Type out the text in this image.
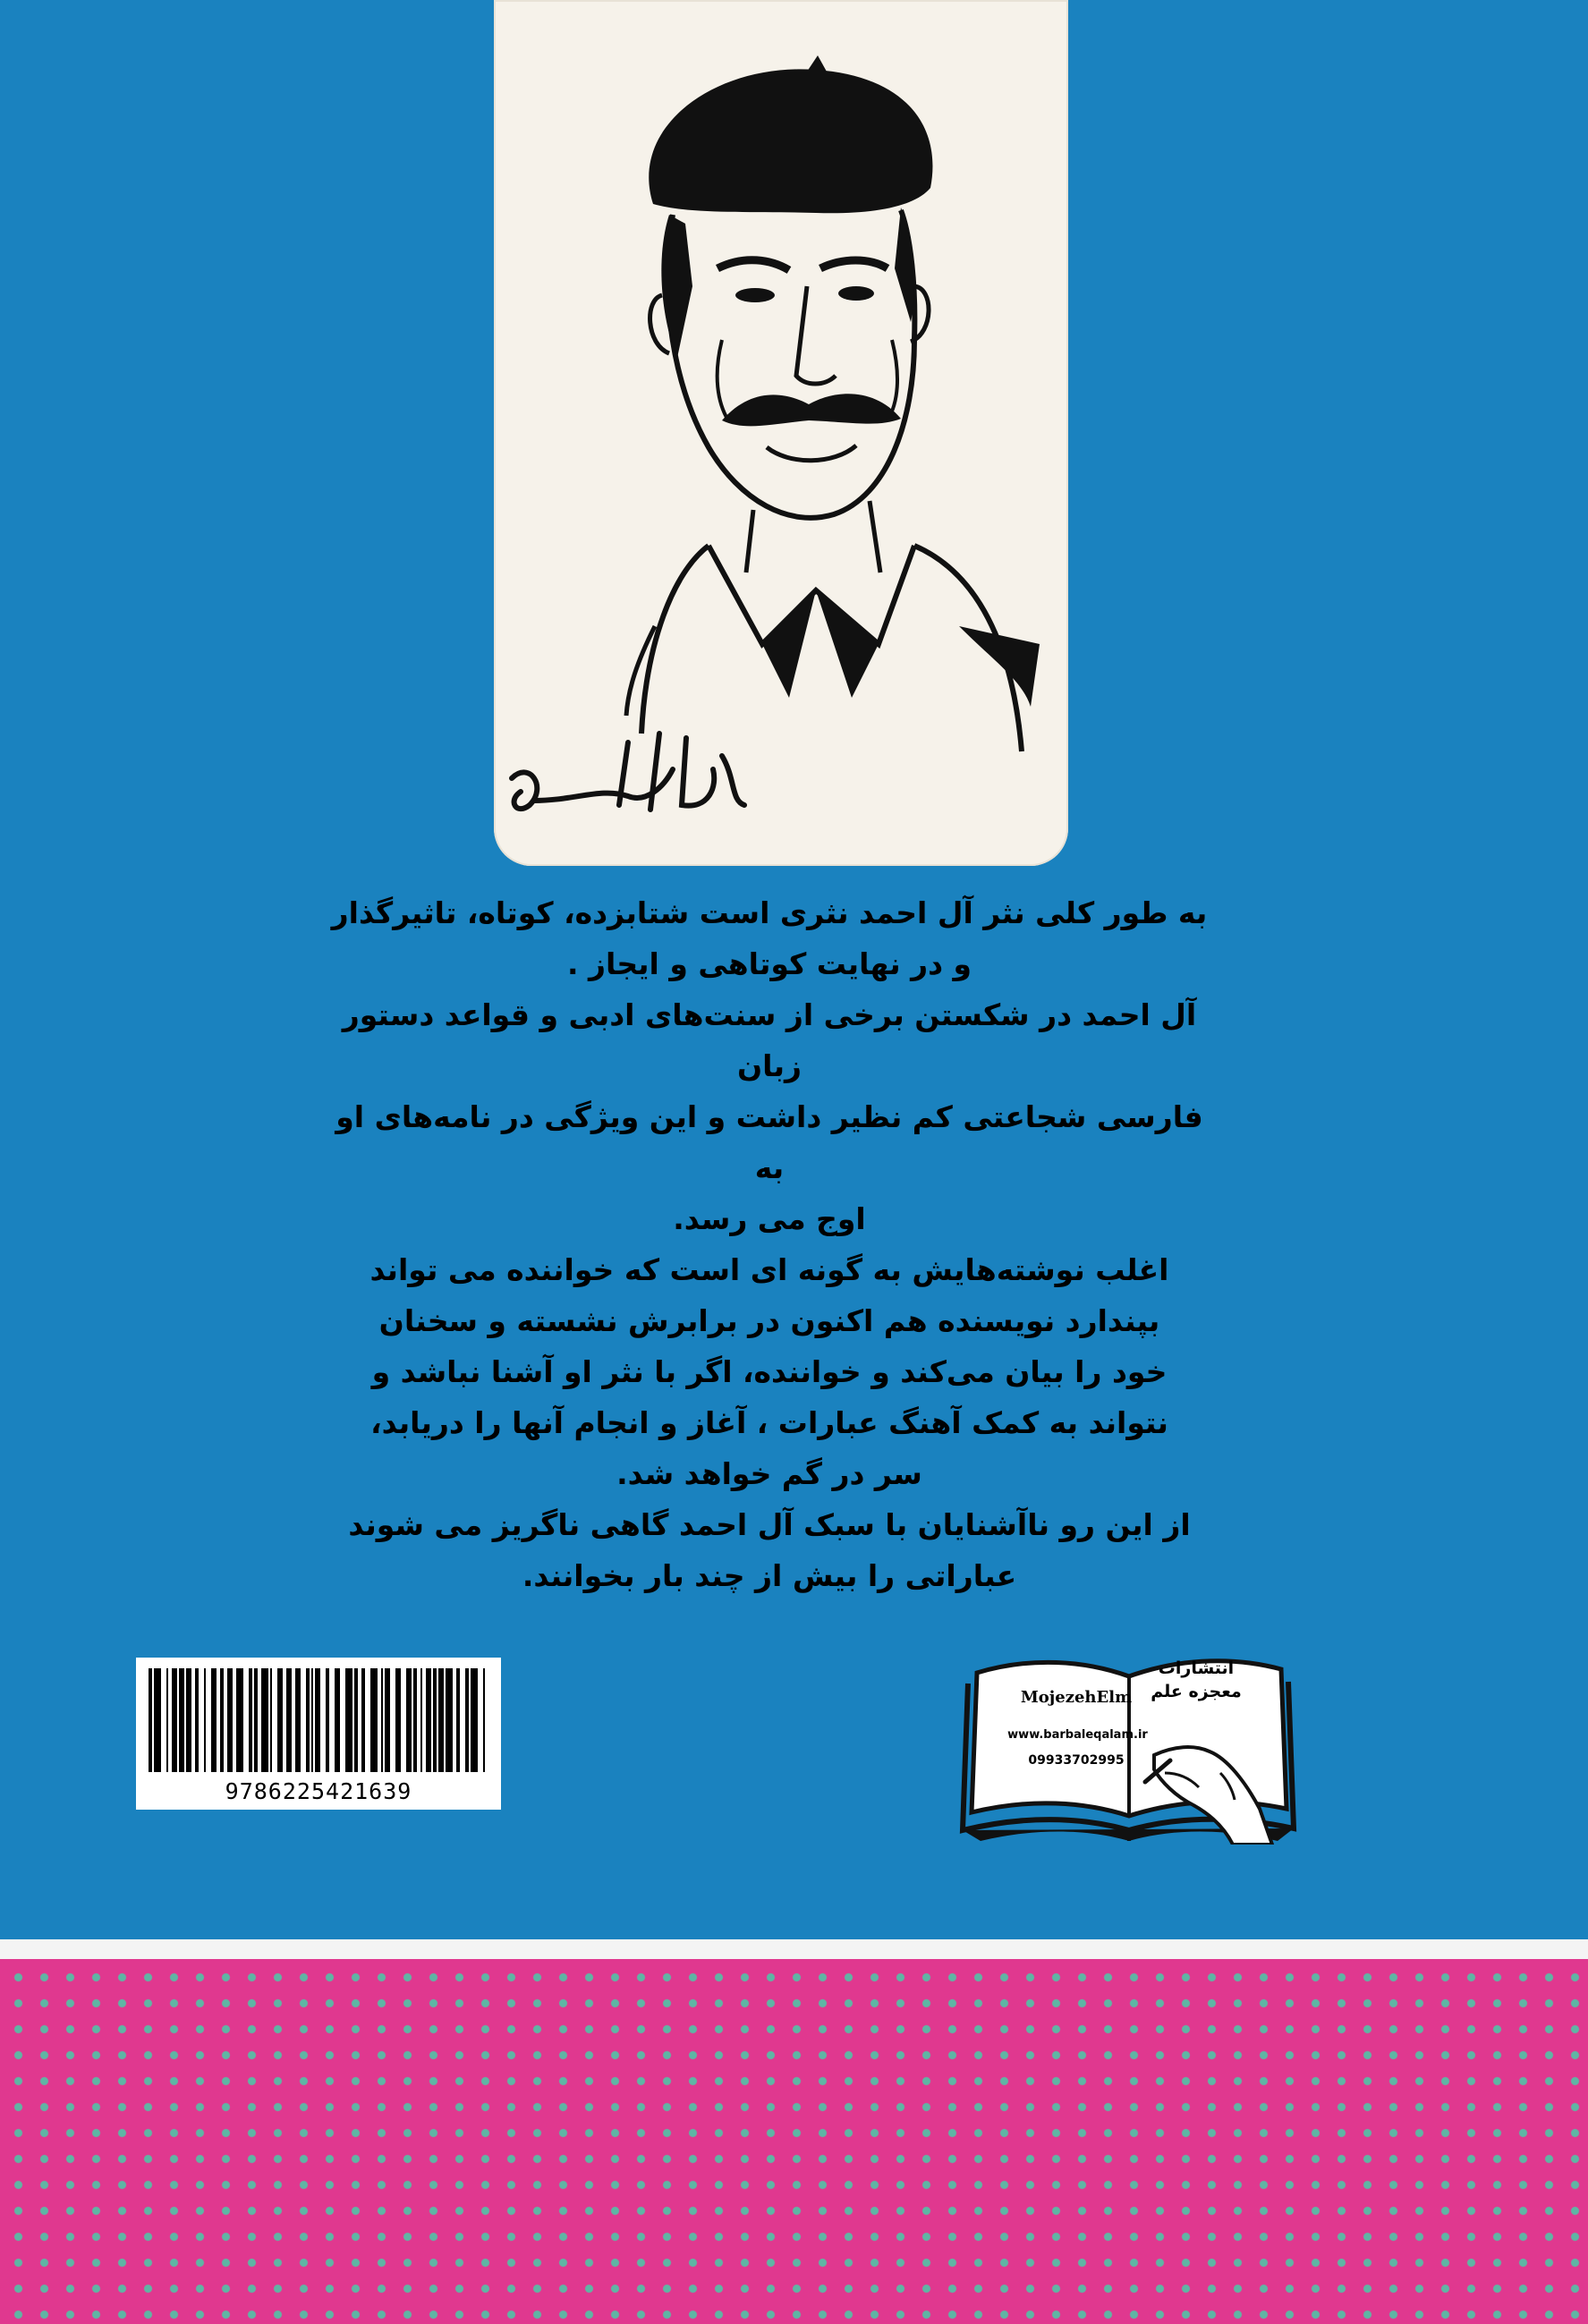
به طور کلی نثر آل احمد نثری است شتابزده، کوتاه، تاثیرگذار

و در نهایت کوتاهی و ایجاز .

آل احمد در شکستن برخی از سنت‌های ادبی و قواعد دستور زبان

فارسی شجاعتی کم نظیر داشت و این ویژگی در نامه‌های او به

اوج می رسد.

اغلب نوشته‌هایش به گونه ای است که خواننده می تواند

بپندارد نویسنده هم اکنون در برابرش نشسته و سخنان

خود را بیان می‌کند و خواننده، اگر با نثر او آشنا نباشد و

نتواند به کمک آهنگ عبارات ، آغاز و انجام آنها را دریابد،

سر در گم خواهد شد.

از این رو ناآشنایان با سبک آل احمد گاهی ناگریز می شوند

عباراتی را بیش از چند بار بخوانند.

9786225421639
انتشارات
معجزه علم
MojezehElm
www.barbaleqalam.ir
09933702995
